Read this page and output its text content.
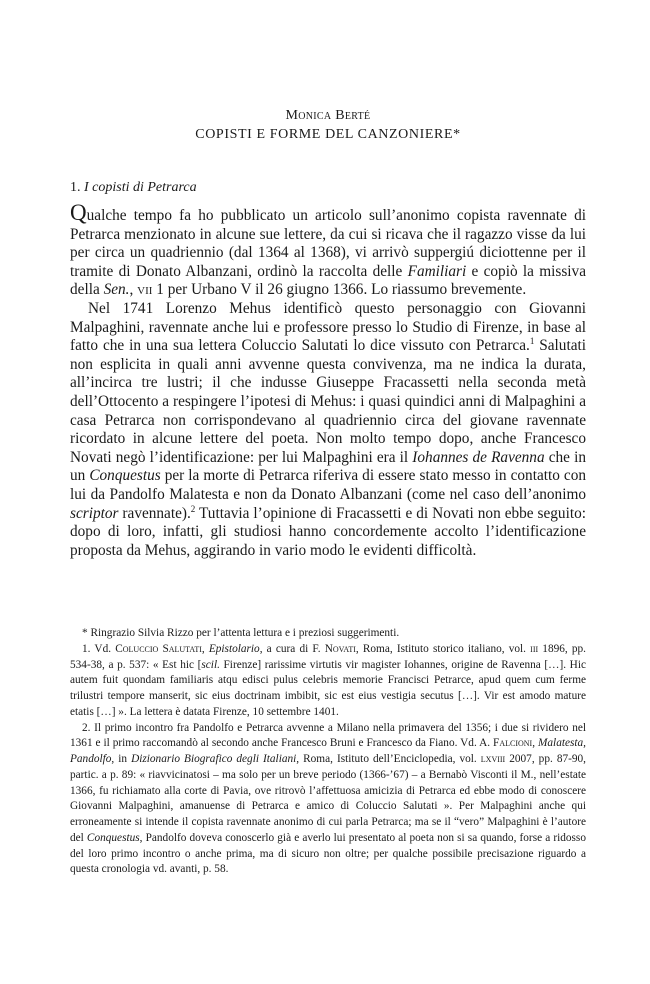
Monica Berté
COPISTI E FORME DEL CANZONIERE*
1. I copisti di Petrarca

Qualche tempo fa ho pubblicato un articolo sull’anonimo copista ravennate di Petrarca menzionato in alcune sue lettere, da cui si ricava che il ragazzo visse da lui per circa un quadriennio (dal 1364 al 1368), vi arrivò suppergiú diciottenne per il tramite di Donato Albanzani, ordinò la raccolta delle Familiari e copiò la missiva della Sen., vii 1 per Urbano V il 26 giugno 1366. Lo riassumo brevemente.

Nel 1741 Lorenzo Mehus identificò questo personaggio con Giovanni Malpaghini, ravennate anche lui e professore presso lo Studio di Firenze, in base al fatto che in una sua lettera Coluccio Salutati lo dice vissuto con Petrarca.$^1$ Salutati non esplicita in quali anni avvenne questa convivenza, ma ne indica la durata, all’incirca tre lustri; il che indusse Giuseppe Fracassetti nella seconda metà dell’Ottocento a respingere l’ipotesi di Mehus: i quasi quindici anni di Malpaghini a casa Petrarca non corrispondevano al quadriennio circa del giovane ravennate ricordato in alcune lettere del poeta. Non molto tempo dopo, anche Francesco Novati negò l’identificazione: per lui Malpaghini era il Iohannes de Ravenna che in un Conquestus per la morte di Petrarca riferiva di essere stato messo in contatto con lui da Pandolfo Malatesta e non da Donato Albanzani (come nel caso dell’anonimo scriptor ravennate).$^2$ Tuttavia l’opinione di Fracassetti e di Novati non ebbe seguito: dopo di loro, infatti, gli studiosi hanno concordemente accolto l’identificazione proposta da Mehus, aggirando in vario modo le evidenti difficoltà.

* Ringrazio Silvia Rizzo per l’attenta lettura e i preziosi suggerimenti.

1. Vd. Coluccio Salutati, Epistolario, a cura di F. Novati, Roma, Istituto storico italiano, vol. iii 1896, pp. 534-38, a p. 537: « Est hic [scil. Firenze] rarissime virtutis vir magister Iohannes, origine de Ravenna […]. Hic autem fuit quondam familiaris atqu edisci pulus celebris memorie Francisci Petrarce, apud quem cum ferme trilustri tempore manserit, sic eius doctrinam imbibit, sic est eius vestigia secutus […]. Vir est amodo mature etatis […] ». La lettera è datata Firenze, 10 settembre 1401.

2. Il primo incontro fra Pandolfo e Petrarca avvenne a Milano nella primavera del 1356; i due si rividero nel 1361 e il primo raccomandò al secondo anche Francesco Bruni e Francesco da Fiano. Vd. A. Falcioni, Malatesta, Pandolfo, in Dizionario Biografico degli Italiani, Roma, Istituto dell’Enciclopedia, vol. lxviii 2007, pp. 87-90, partic. a p. 89: « riavvicinatosi – ma solo per un breve periodo (1366-’67) – a Bernabò Visconti il M., nell’estate 1366, fu richiamato alla corte di Pavia, ove ritrovò l’affettuosa amicizia di Petrarca ed ebbe modo di conoscere Giovanni Malpaghini, amanuense di Petrarca e amico di Coluccio Salutati ». Per Malpaghini anche qui erroneamente si intende il copista ravennate anonimo di cui parla Petrarca; ma se il “vero” Malpaghini è l’autore del Conquestus, Pandolfo doveva conoscerlo già e averlo lui presentato al poeta non si sa quando, forse a ridosso del loro primo incontro o anche prima, ma di sicuro non oltre; per qualche possibile precisazione riguardo a questa cronologia vd. avanti, p. 58.
